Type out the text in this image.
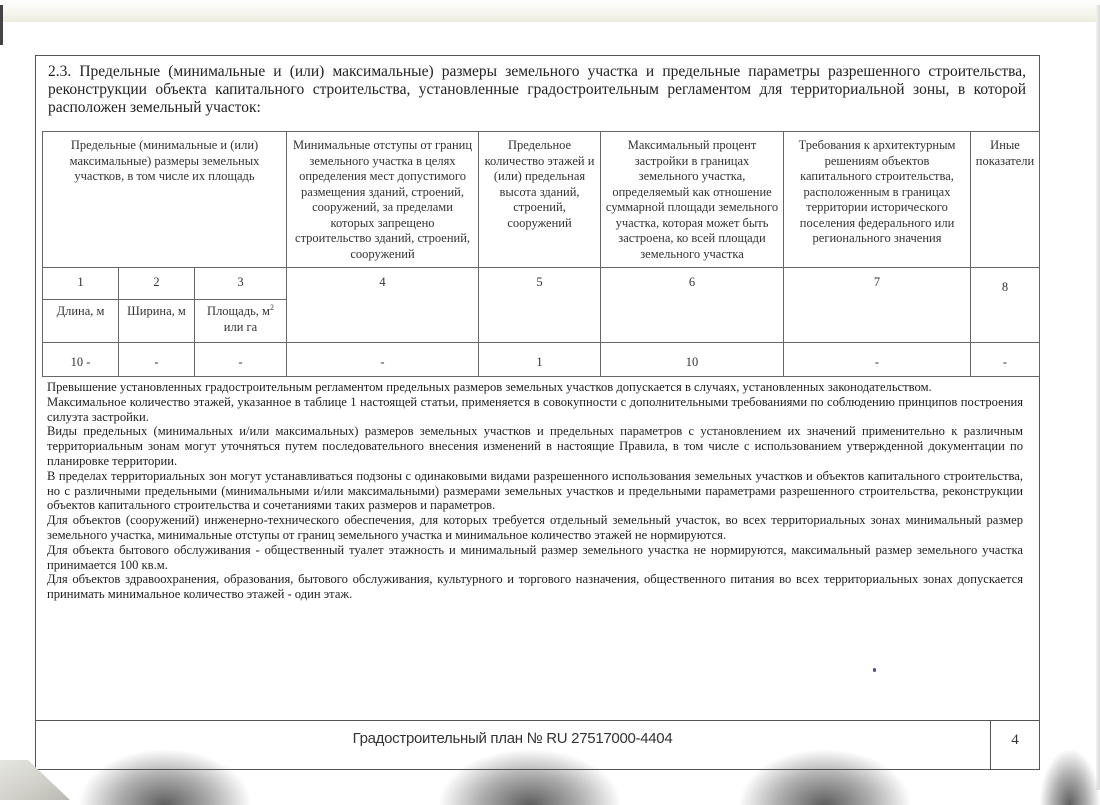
2.3. Предельные (минимальные и (или) максимальные) размеры земельного участка и предельные параметры разрешенного строительства, реконструкции объекта капитального строительства, установленные градостроительным регламентом для территориальной зоны, в которой расположен земельный участок:
Предельные (минимальные и (или) максимальные) размеры земельных участков, в том числе их площадь			Минимальные отступы от границ земельного участка в целях определения мест допустимого размещения зданий, строений, сооружений, за пределами которых запрещено строительство зданий, строений, сооружений	Предельное количество этажей и (или) предельная высота зданий, строений, сооружений	Максимальный процент застройки в границах земельного участка, определяемый как отношение суммарной площади земельного участка, которая может быть застроена, ко всей площади земельного участка	Требования к архитектурным решениям объектов капитального строительства, расположенным в границах территории исторического поселения федерального или регионального значения	Иные показатели
1	2	3	4	5	6	7	8
Длина, м	Ширина, м	Площадь, $м^2$
или га					
10 -	-	-	-	1	10	-	-

Превышение установленных градостроительным регламентом предельных размеров земельных участков допускается в случаях, установленных законодательством.

Максимальное количество этажей, указанное в таблице 1 настоящей статьи, применяется в совокупности с дополнительными требованиями по соблюдению принципов построения силуэта застройки.

Виды предельных (минимальных и/или максимальных) размеров земельных участков и предельных параметров с установлением их значений применительно к различным территориальным зонам могут уточняться путем последовательного внесения изменений в настоящие Правила, в том числе с использованием утвержденной документации по планировке территории.

В пределах территориальных зон могут устанавливаться подзоны с одинаковыми видами разрешенного использования земельных участков и объектов капитального строительства, но с различными предельными (минимальными и/или максимальными) размерами земельных участков и предельными параметрами разрешенного строительства, реконструкции объектов капитального строительства и сочетаниями таких размеров и параметров.

Для объектов (сооружений) инженерно-технического обеспечения, для которых требуется отдельный земельный участок, во всех территориальных зонах минимальный размер земельного участка, минимальные отступы от границ земельного участка и минимальное количество этажей не нормируются.

Для объекта бытового обслуживания - общественный туалет этажность и минимальный размер земельного участка не нормируются, максимальный размер земельного участка принимается 100 кв.м.

Для объектов здравоохранения, образования, бытового обслуживания, культурного и торгового назначения, общественного питания во всех территориальных зонах допускается принимать минимальное количество этажей - один этаж.

Градостроительный план № RU 27517000-4404	4
